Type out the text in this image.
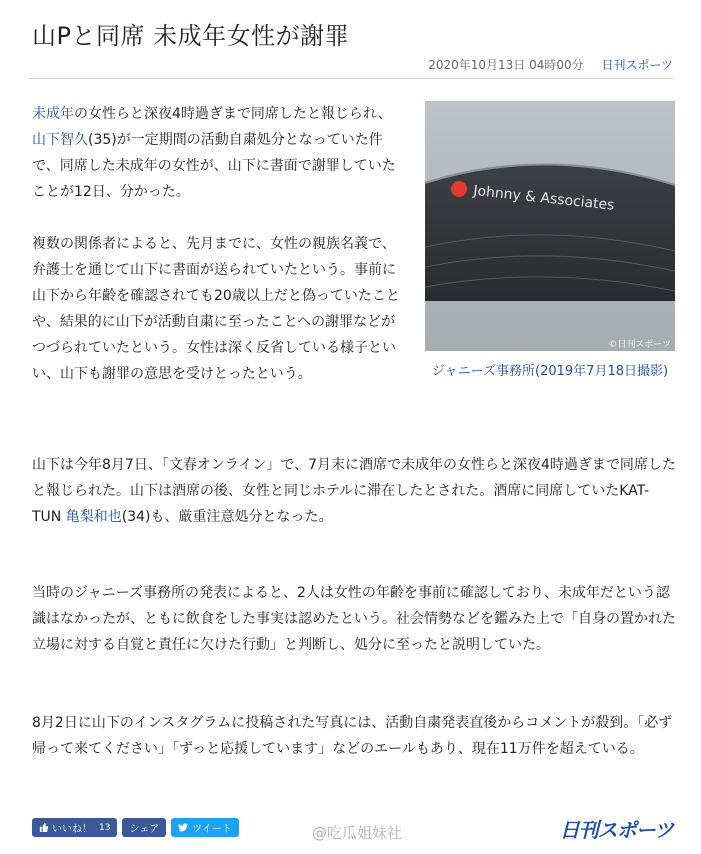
山Pと同席 未成年女性が謝罪
2020年10月13日 04時00分 日刊スポーツ

未成年の女性らと深夜4時過ぎまで同席したと報じられ、山下智久(35)が一定期間の活動自粛処分となっていた件で、同席した未成年の女性が、山下に書面で謝罪していたことが12日、分かった。

複数の関係者によると、先月までに、女性の親族名義で、弁護士を通じて山下に書面が送られていたという。事前に山下から年齢を確認されても20歳以上だと偽っていたことや、結果的に山下が活動自粛に至ったことへの謝罪などがつづられていたという。女性は深く反省している様子といい、山下も謝罪の意思を受けとったという。

Johnny & Associates
©日刊スポーツ

ジャニーズ事務所(2019年7月18日撮影)

山下は今年8月7日、「文春オンライン」で、7月末に酒席で未成年の女性らと深夜4時過ぎまで同席したと報じられた。山下は酒席の後、女性と同じホテルに滞在したとされた。酒席に同席していたKAT-TUN 亀梨和也(34)も、厳重注意処分となった。

当時のジャニーズ事務所の発表によると、2人は女性の年齢を事前に確認しており、未成年だという認識はなかったが、ともに飲食をした事実は認めたという。社会情勢などを鑑みた上で「自身の置かれた立場に対する自覚と責任に欠けた行動」と判断し、処分に至ったと説明していた。

8月2日に山下のインスタグラムに投稿された写真には、活動自粛発表直後からコメントが殺到。「必ず帰って来てください」「ずっと応援しています」などのエールもあり、現在11万件を超えている。

いいね！ 13 シェア	ツイート	@吃瓜姐妹社	日刊スポーツ
